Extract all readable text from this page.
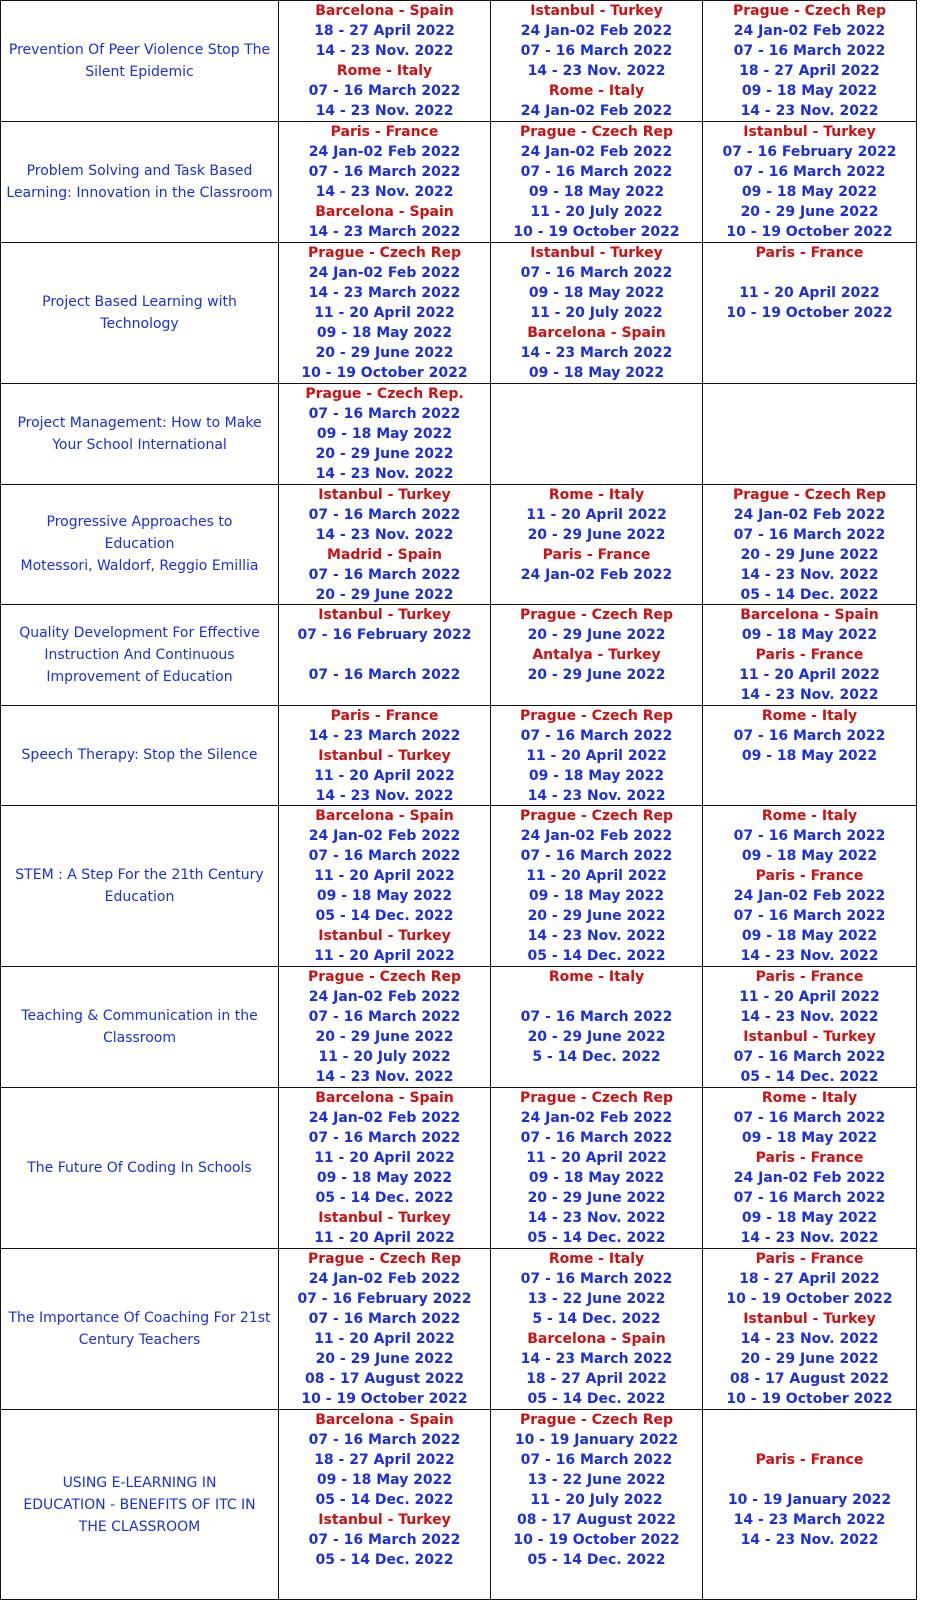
Prevention Of Peer Violence Stop The
Silent Epidemic
Barcelona - Spain
18 - 27 April 2022
14 - 23 Nov. 2022
Rome - Italy
07 - 16 March 2022
14 - 23 Nov. 2022
Istanbul - Turkey
24 Jan-02 Feb 2022
07 - 16 March 2022
14 - 23 Nov. 2022
Rome - Italy
24 Jan-02 Feb 2022
Prague - Czech Rep
24 Jan-02 Feb 2022
07 - 16 March 2022
18 - 27 April 2022
09 - 18 May 2022
14 - 23 Nov. 2022
Problem Solving and Task Based
Learning: Innovation in the Classroom
Paris - France
24 Jan-02 Feb 2022
07 - 16 March 2022
14 - 23 Nov. 2022
Barcelona - Spain
14 - 23 March 2022
Prague - Czech Rep
24 Jan-02 Feb 2022
07 - 16 March 2022
09 - 18 May 2022
11 - 20 July 2022
10 - 19 October 2022
Istanbul - Turkey
07 - 16 February 2022
07 - 16 March 2022
09 - 18 May 2022
20 - 29 June 2022
10 - 19 October 2022
Project Based Learning with
Technology
Prague - Czech Rep
24 Jan-02 Feb 2022
14 - 23 March 2022
11 - 20 April 2022
09 - 18 May 2022
20 - 29 June 2022
10 - 19 October 2022
Istanbul - Turkey
07 - 16 March 2022
09 - 18 May 2022
11 - 20 July 2022
Barcelona - Spain
14 - 23 March 2022
09 - 18 May 2022
Paris - France
11 - 20 April 2022
10 - 19 October 2022
Project Management: How to Make
Your School International
Prague - Czech Rep.
07 - 16 March 2022
09 - 18 May 2022
20 - 29 June 2022
14 - 23 Nov. 2022
Progressive Approaches to
Education
Motessori, Waldorf, Reggio Emillia
Istanbul - Turkey
07 - 16 March 2022
14 - 23 Nov. 2022
Madrid - Spain
07 - 16 March 2022
20 - 29 June 2022
Rome - Italy
11 - 20 April 2022
20 - 29 June 2022
Paris - France
24 Jan-02 Feb 2022
Prague - Czech Rep
24 Jan-02 Feb 2022
07 - 16 March 2022
20 - 29 June 2022
14 - 23 Nov. 2022
05 - 14 Dec. 2022
Quality Development For Effective
Instruction And Continuous
Improvement of Education
Istanbul - Turkey
07 - 16 February 2022
07 - 16 March 2022
Prague - Czech Rep
20 - 29 June 2022
Antalya - Turkey
20 - 29 June 2022
Barcelona - Spain
09 - 18 May 2022
Paris - France
11 - 20 April 2022
14 - 23 Nov. 2022
Speech Therapy: Stop the Silence
Paris - France
14 - 23 March 2022
Istanbul - Turkey
11 - 20 April 2022
14 - 23 Nov. 2022
Prague - Czech Rep
07 - 16 March 2022
11 - 20 April 2022
09 - 18 May 2022
14 - 23 Nov. 2022
Rome - Italy
07 - 16 March 2022
09 - 18 May 2022
STEM : A Step For the 21th Century
Education
Barcelona - Spain
24 Jan-02 Feb 2022
07 - 16 March 2022
11 - 20 April 2022
09 - 18 May 2022
05 - 14 Dec. 2022
Istanbul - Turkey
11 - 20 April 2022
Prague - Czech Rep
24 Jan-02 Feb 2022
07 - 16 March 2022
11 - 20 April 2022
09 - 18 May 2022
20 - 29 June 2022
14 - 23 Nov. 2022
05 - 14 Dec. 2022
Rome - Italy
07 - 16 March 2022
09 - 18 May 2022
Paris - France
24 Jan-02 Feb 2022
07 - 16 March 2022
09 - 18 May 2022
14 - 23 Nov. 2022
Teaching & Communication in the
Classroom
Prague - Czech Rep
24 Jan-02 Feb 2022
07 - 16 March 2022
20 - 29 June 2022
11 - 20 July 2022
14 - 23 Nov. 2022
Rome - Italy
07 - 16 March 2022
20 - 29 June 2022
5 - 14 Dec. 2022
Paris - France
11 - 20 April 2022
14 - 23 Nov. 2022
Istanbul - Turkey
07 - 16 March 2022
05 - 14 Dec. 2022
The Future Of Coding In Schools
Barcelona - Spain
24 Jan-02 Feb 2022
07 - 16 March 2022
11 - 20 April 2022
09 - 18 May 2022
05 - 14 Dec. 2022
Istanbul - Turkey
11 - 20 April 2022
Prague - Czech Rep
24 Jan-02 Feb 2022
07 - 16 March 2022
11 - 20 April 2022
09 - 18 May 2022
20 - 29 June 2022
14 - 23 Nov. 2022
05 - 14 Dec. 2022
Rome - Italy
07 - 16 March 2022
09 - 18 May 2022
Paris - France
24 Jan-02 Feb 2022
07 - 16 March 2022
09 - 18 May 2022
14 - 23 Nov. 2022
The Importance Of Coaching For 21st
Century Teachers
Prague - Czech Rep
24 Jan-02 Feb 2022
07 - 16 February 2022
07 - 16 March 2022
11 - 20 April 2022
20 - 29 June 2022
08 - 17 August 2022
10 - 19 October 2022
Rome - Italy
07 - 16 March 2022
13 - 22 June 2022
5 - 14 Dec. 2022
Barcelona - Spain
14 - 23 March 2022
18 - 27 April 2022
05 - 14 Dec. 2022
Paris - France
18 - 27 April 2022
10 - 19 October 2022
Istanbul - Turkey
14 - 23 Nov. 2022
20 - 29 June 2022
08 - 17 August 2022
10 - 19 October 2022
USING E-LEARNING IN
EDUCATION - BENEFITS OF ITC IN
THE CLASSROOM
Barcelona - Spain
07 - 16 March 2022
18 - 27 April 2022
09 - 18 May 2022
05 - 14 Dec. 2022
Istanbul - Turkey
07 - 16 March 2022
05 - 14 Dec. 2022
Prague - Czech Rep
10 - 19 January 2022
07 - 16 March 2022
13 - 22 June 2022
11 - 20 July 2022
08 - 17 August 2022
10 - 19 October 2022
05 - 14 Dec. 2022
Paris - France
10 - 19 January 2022
14 - 23 March 2022
14 - 23 Nov. 2022
